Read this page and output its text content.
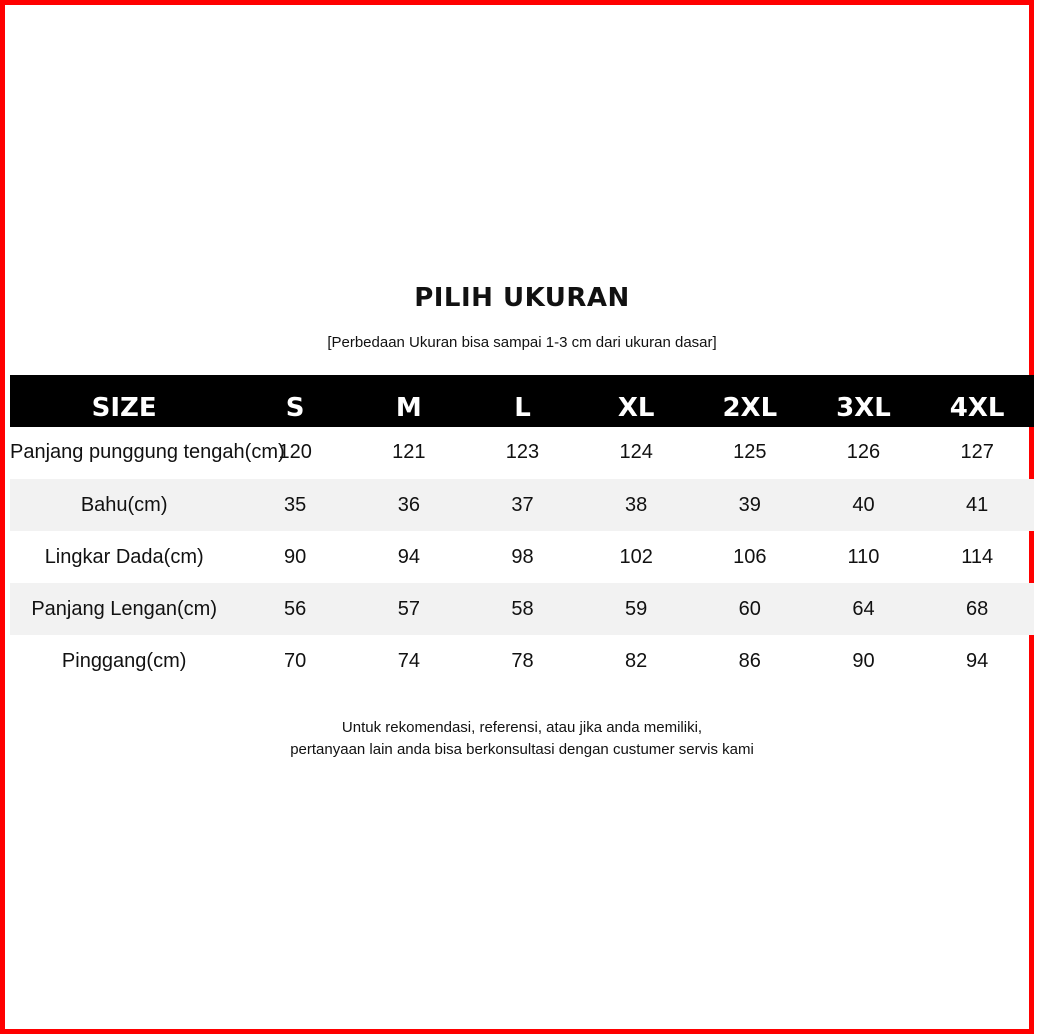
PILIH UKURAN

[Perbedaan Ukuran bisa sampai 1-3 cm dari ukuran dasar]

SIZE	S	M	L	XL	2XL	3XL	4XL
Panjang punggung tengah(cm)	120	121	123	124	125	126	127
Bahu(cm)	35	36	37	38	39	40	41
Lingkar Dada(cm)	90	94	98	102	106	110	114
Panjang Lengan(cm)	56	57	58	59	60	64	68
Pinggang(cm)	70	74	78	82	86	90	94

Untuk rekomendasi, referensi, atau jika anda memiliki,

pertanyaan lain anda bisa berkonsultasi dengan custumer servis kami
